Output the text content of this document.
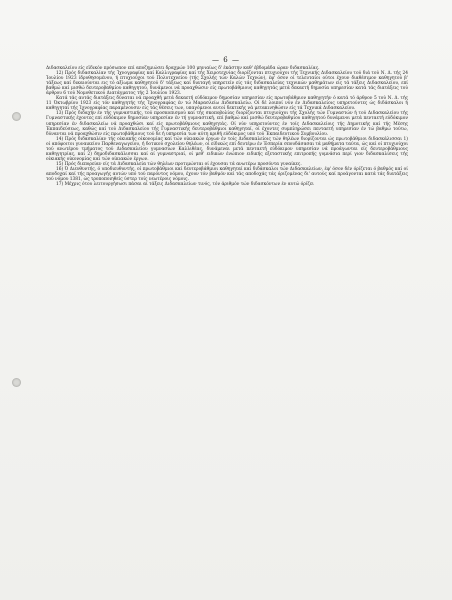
— 6 —

Διδασκαλείου είς εϊδικόν πρόσωπον επί αποζημιώσει δραχμών 100 μηνιαίως δ' έκάστην καθ' έβδομάδα ώραν διδασκαλίας.

12) Πρός διδασκαλίαν τής Ίχνογραφίας καί Καλλιγραφίας καί τής Χειροτεχνίας διορίζονται πτυχιούχοι τής Τεχνικής Διδασκαλείου τού διά τού Ν. Δ. τής 24 Ίουλίου 1923 ίδρυθησομένου, ή πτυχιούχοι τού Πολυτεχνείου (τής Σχολής τών Καλών Τεχνών), έφ' όσον οί τελευταίοι ούτοι έχουν διαθέσιμον καθηγητού β' τάξεως καί δικαιούνται εις τό αξίωμα καθηγητού δ' τάξεως καί διαταγή υπηρετείν είς τάς διδασκαλείας τεχνικών μαθημάτων είς τά τάξεις Διδασκαλείου, επί βαθμώ καί μισθώ δευτεροβαθμίου καθηγητού, δυνάμενοι νά προαχθώσιν είς πρωτοβάθμιους καθηγητάς μετά δεκαετή δημοσία υπηρεσίαν κατά τάς διατάξεις τού άρθρου 6 τού Νομοθετικού Διατάγματος τής 2 Ίουλίου 1923.

Κατά τάς αυτάς διατάξεις δύναται νά προαχθή μετά δεκαετή εύδόκιμον δημοσίαν υπηρεσίαν είς πρωτοβάθμιον καθηγητήν ό κατά τό άρθρον 5 τού Ν. Δ. τής 11 Όκτωβρίου 1923 είς τόν καθηγητής τής Ίχνογραφίας έν τώ Μαρασλείω Διδασκαλείω. Οί δέ λοιποί νύν έν Διδασκαλείοις υπηρετούντες ώς διδάσκαλοι ή καθηγηταί τής Ίχνογραφίας παραμένουσιν είς τάς θέσεις των, υπαγόμενοι αυτοί δεκτικής νά μετακινηθώσιν είς τά Τεχνικά Διδασκαλείου.

13) Πρός διδαχήν έν τής γυμναστικής, τού προσκοπισμού καί τής σκοποβολίας διορίζονται πτυχιούχοι τής Σχολής τών Γυμναστών ή τού Διδασκαλείου τής Γυμναστικής έχοντες επί εύδόκιμον δημοσίαν υπηρεσίαν έν τή γυμναστική, επί βαθμώ καί μισθώ δευτεροβαθμίου καθηγητού δυνάμενοι μετά πενταετή εύδόκιμον υπηρεσίαν έν διδασκαλείω νά προαχθώσι καί είς πρωτοβάθμιους καθηγητάς. Οί νύν υπηρετούντες έν τοίς Διδασκαλείοις τής Δημοτικής καί τής Μέσης Έκπαιδεύσεως, καθώς καί τού Διδασκαλείου τής Γυμναστικής δευτεροβάθμιοι καθηγηταί, οί έχοντες συμπληρώσει πενταετή υπηρεσίαν έν τώ βαθμώ τούτω, δύνανται νά προαχθώσιν είς πρωτοβάθμιους τού δε ή υπηρεσία των αύτη κριθή εύδόκιμος υπό τού Έκπαιδευτικού Συμβουλίου.

14) Πρός διδασκαλίαν τής οίκιακής οίκονομίας καί τών οίκιακών έργων έν τοίς Διδασκαλείοις τών θηλέων διορίζονται ώς πρωτοβάθμιοι διδασκάλισσαι 1) οί απόφοιτοι γυναικείου Παρθεναγωγείου, ή δοτικού σχολείου θηλέων, οί είδικώς επί δευτέρω έν Έσπερία σπουδάσασαι τά μαθήματα ταύτα, ώς καί οί πτυχιούχοι τού ανωτέρου τμήματος τού Διδασκαλείου γυμνασίων Καλλιθέας, δυνάμεναι μετά πενταετή εύδόκιμον υπηρεσίαν νά προάγωνται είς δευτεροβάθμιους καθηγητρίας, καί 2) δημοδιδασκάλισσαι καί αί γυμναστριαί, οί μεθ' ειδικών ένώπιον ειδικής εξεταστικής επιτροπής γυμνάσια περί γιον διδασκαλίσεις τής οίκιακής οίκονομίας καί τών οίκιακών έργων.

15) Πρός διεπορείαν είς τά Διδασκαλεία τών θηλέων προτιμώνται οί έχουσαι τά ανωτέρω προσόντα γυναίκες.

16) Ό Διευθυντής, ό υποδιευθυντής, οί πρωτοβάθμιοι καί δευτεροβάθμιοι καθηγηταί καί διδάσκαλοι τών Διδασκαλείων, έφ' όσον δέν όρίζεται ό βαθμός καί οί αποδοχαί καί τής προαγωγής αυτών υπό τού παρόντος νόμου, έχουν τόν βαθμόν καί τάς αποδοχάς τάς όριζομένας δι' αυτούς καί προάγονται κατά τάς διατάξεις τού νόμου 1381, ώς τροποποιηθείς ύστερ τοίς νεωτέροις νόμοις.

17) Μέχρις ότου λειτουργήσωσι πάσαι αί τάξεις Διδασκαλείων τινός, τόν άριθμόν τών διδασκόντων έν αυτώ όρίζει
